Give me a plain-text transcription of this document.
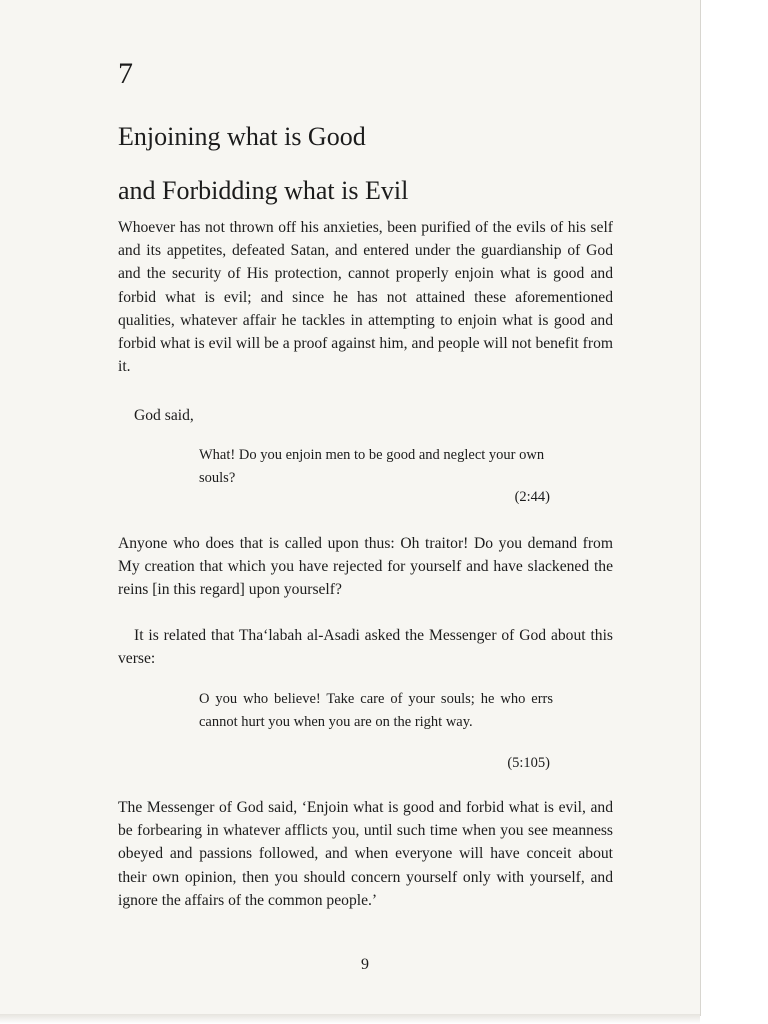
7
Enjoining what is Good
and Forbidding what is Evil

Whoever has not thrown off his anxieties, been purified of the evils of his self and its appetites, defeated Satan, and entered under the guardianship of God and the security of His protection, cannot properly enjoin what is good and forbid what is evil; and since he has not attained these aforementioned qualities, whatever affair he tackles in attempting to enjoin what is good and forbid what is evil will be a proof against him, and people will not benefit from it.

God said,

What! Do you enjoin men to be good and neglect your own souls?

(2:44)

Anyone who does that is called upon thus: Oh traitor! Do you demand from My creation that which you have rejected for yourself and have slackened the reins [in this regard] upon yourself?

It is related that Tha‘labah al-Asadi asked the Messenger of God about this verse:

O you who believe! Take care of your souls; he who errs cannot hurt you when you are on the right way.

(5:105)

The Messenger of God said, ‘Enjoin what is good and forbid what is evil, and be forbearing in whatever afflicts you, until such time when you see meanness obeyed and passions followed, and when everyone will have conceit about their own opinion, then you should concern yourself only with yourself, and ignore the affairs of the common people.’

9
